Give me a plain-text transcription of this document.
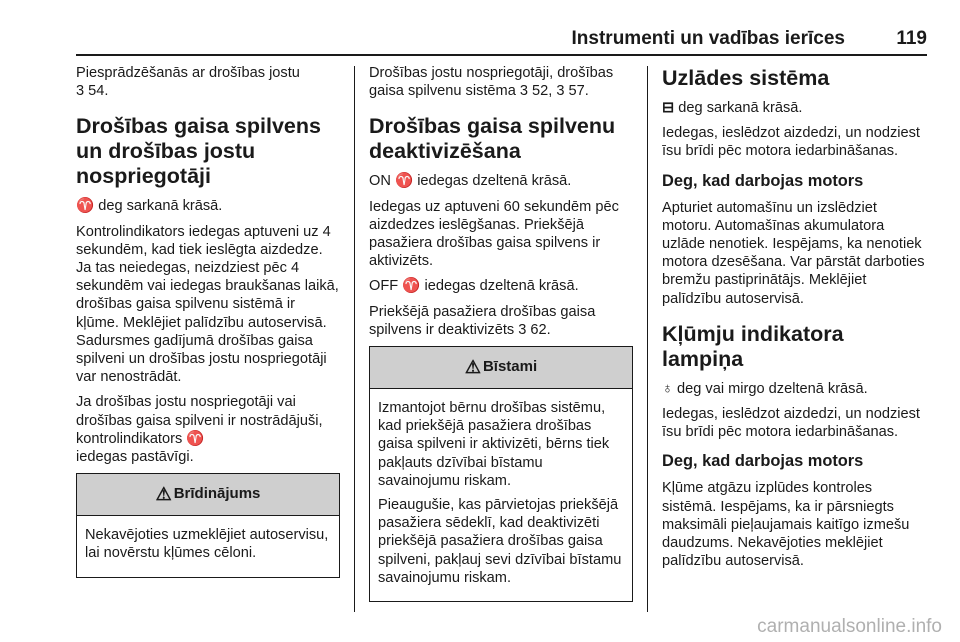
Instrumenti un vadības ierīces	119

Piesprādzēšanās ar drošības jostu
3 54.

Drošības gaisa spilvens un drošības jostu nospriegotāji

♈ deg sarkanā krāsā.

Kontrolindikators iedegas aptuveni uz 4 sekundēm, kad tiek ieslēgta aizdedze. Ja tas neiedegas, neizdziest pēc 4 sekundēm vai iedegas braukšanas laikā, drošības gaisa spilvenu sistēmā ir kļūme. Meklējiet palīdzību autoservisā. Sadursmes gadījumā drošības gaisa spilveni un drošības jostu nospriegotāji var nenostrādāt.

Ja drošības jostu nospriegotāji vai drošības gaisa spilveni ir nostrādājuši, kontrolindikators ♈
iedegas pastāvīgi.

⚠ Brīdinājums

Nekavējoties uzmeklējiet autoservisu, lai novērstu kļūmes cēloni.

Drošības jostu nospriegotāji, drošības gaisa spilvenu sistēma 3 52, 3 57.

Drošības gaisa spilvenu deaktivizēšana

ON ♈ iedegas dzeltenā krāsā.

Iedegas uz aptuveni 60 sekundēm pēc aizdedzes ieslēgšanas. Priekšējā pasažiera drošības gaisa spilvens ir aktivizēts.

OFF ♈ iedegas dzeltenā krāsā.

Priekšējā pasažiera drošības gaisa spilvens ir deaktivizēts 3 62.

⚠ Bīstami

Izmantojot bērnu drošības sistēmu, kad priekšējā pasažiera drošības gaisa spilveni ir aktivizēti, bērns tiek pakļauts dzīvībai bīstamu savainojumu riskam.

Pieaugušie, kas pārvietojas priekšējā pasažiera sēdeklī, kad deaktivizēti priekšējā pasažiera drošības gaisa spilveni, pakļauj sevi dzīvībai bīstamu savainojumu riskam.

Uzlādes sistēma

⊟ deg sarkanā krāsā.

Iedegas, ieslēdzot aizdedzi, un nodziest īsu brīdi pēc motora iedarbināšanas.

Deg, kad darbojas motors

Apturiet automašīnu un izslēdziet motoru. Automašīnas akumulatora uzlāde nenotiek. Iespējams, ka nenotiek motora dzesēšana. Var pārstāt darboties bremžu pastiprinātājs. Meklējiet palīdzību autoservisā.

Kļūmju indikatora lampiņa

♁ deg vai mirgo dzeltenā krāsā.

Iedegas, ieslēdzot aizdedzi, un nodziest īsu brīdi pēc motora iedarbināšanas.

Deg, kad darbojas motors

Kļūme atgāzu izplūdes kontroles sistēmā. Iespējams, ka ir pārsniegts maksimāli pieļaujamais kaitīgo izmešu daudzums. Nekavējoties meklējiet palīdzību autoservisā.

carmanualsonline.info
